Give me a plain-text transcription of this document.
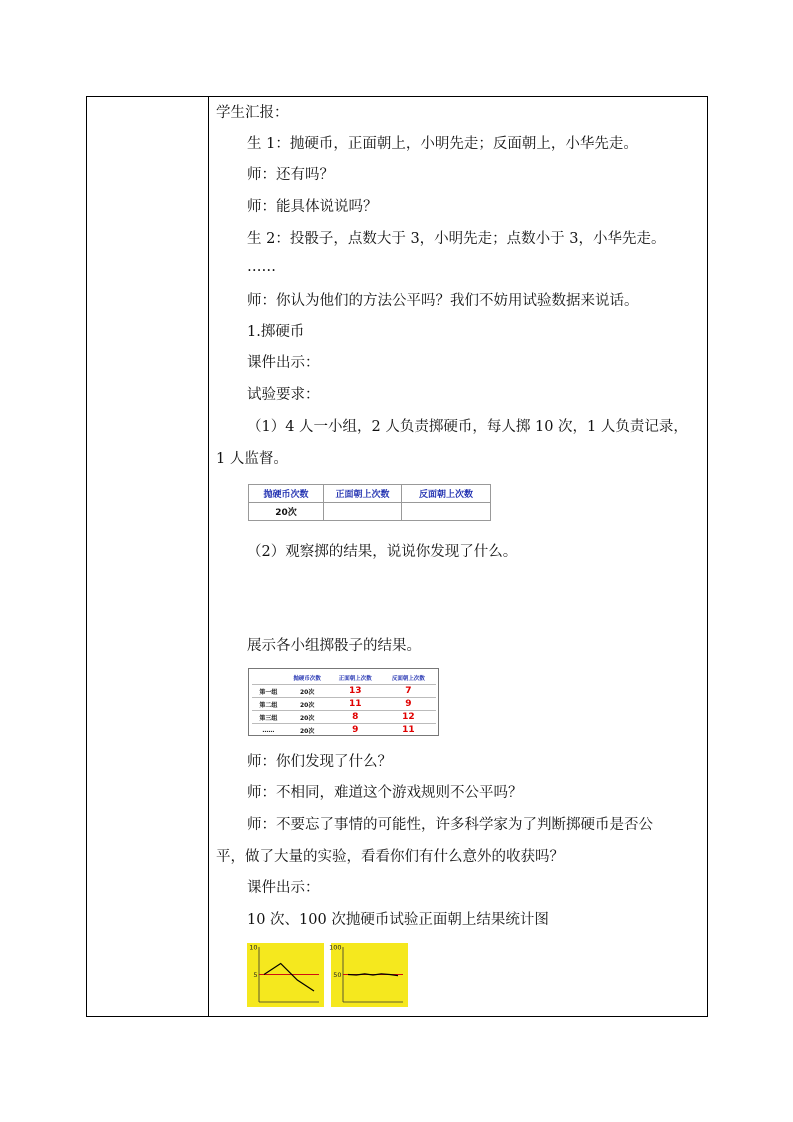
学生汇报：
生 1：抛硬币，正面朝上，小明先走；反面朝上，小华先走。
师：还有吗？
师：能具体说说吗？
生 2：投骰子，点数大于 3，小明先走；点数小于 3，小华先走。
……
师：你认为他们的方法公平吗？我们不妨用试验数据来说话。
1.掷硬币
课件出示：
试验要求：
（1）4 人一小组，2 人负责掷硬币，每人掷 10 次，1 人负责记录，
1 人监督。
抛硬币次数	正面朝上次数	反面朝上次数
20次		
（2）观察掷的结果，说说你发现了什么。
展示各小组掷骰子的结果。
	抛硬币次数	正面朝上次数	反面朝上次数
第一组	20次	13	7
第二组	20次	11	9
第三组	20次	8	12
……	20次	9	11
师：你们发现了什么？
师：不相同，难道这个游戏规则不公平吗？
师：不要忘了事情的可能性，许多科学家为了判断掷硬币是否公
平，做了大量的实验，看看你们有什么意外的收获吗？
课件出示：
10 次、100 次抛硬币试验正面朝上结果统计图
10
5
100
50
